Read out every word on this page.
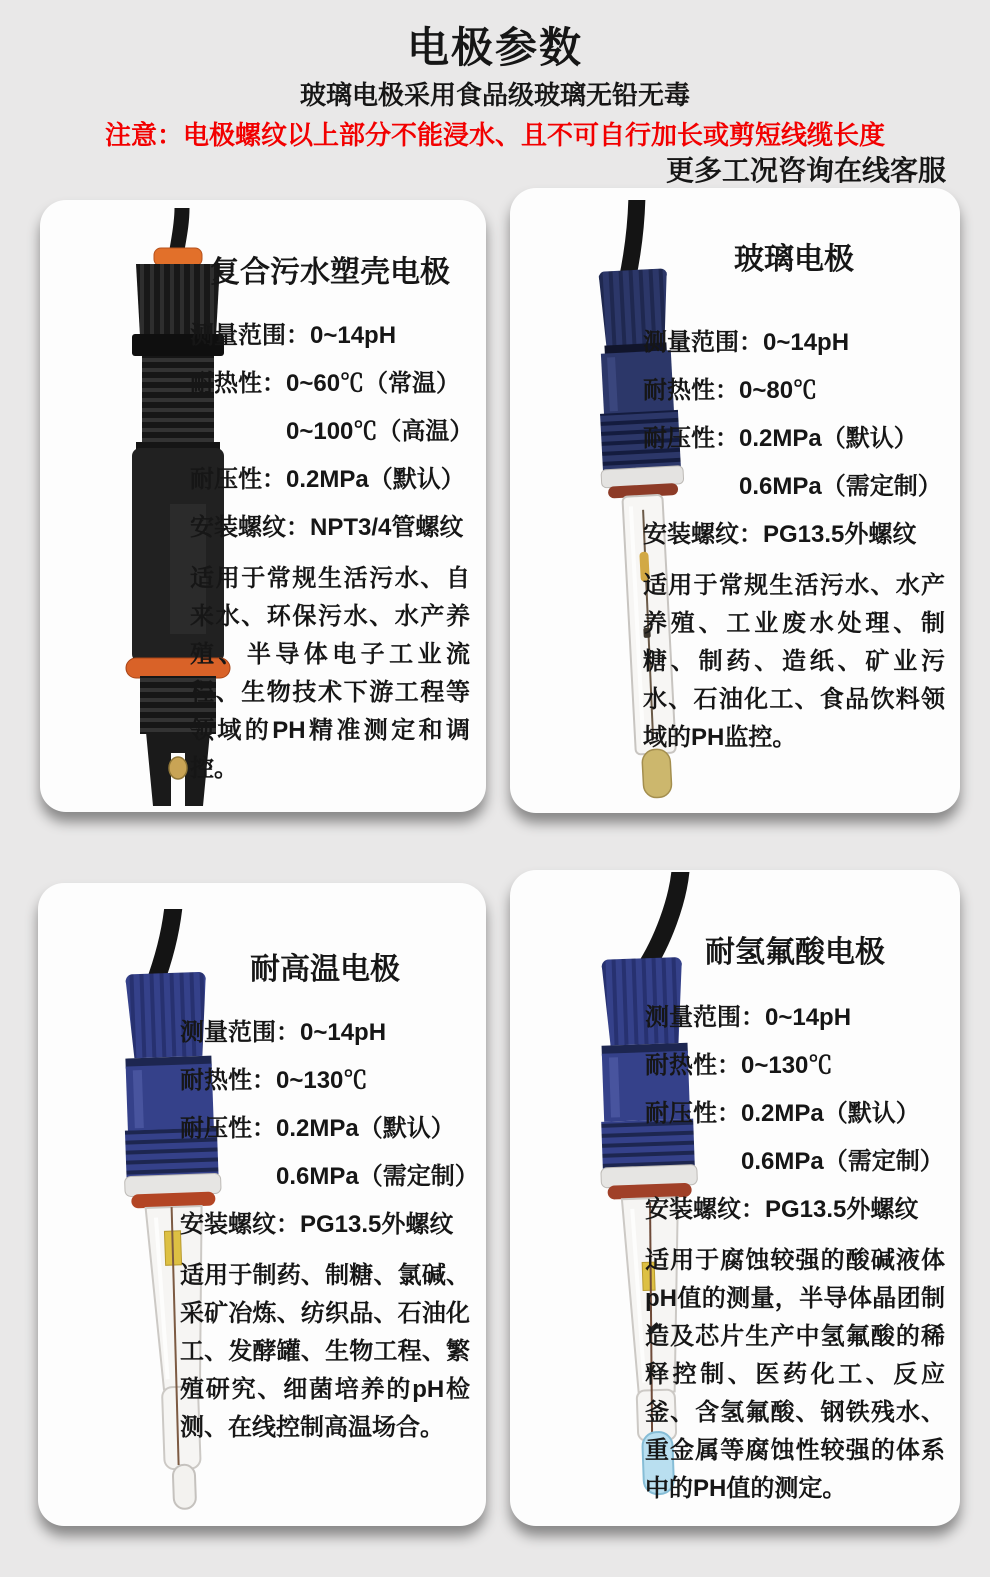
电极参数
玻璃电极采用食品级玻璃无铅无毒
注意：电极螺纹以上部分不能浸水、且不可自行加长或剪短线缆长度
更多工况咨询在线客服
复合污水塑壳电极
测量范围：0~14pH
耐热性：0~60℃（常温）
0~100℃（高温）
耐压性：0.2MPa（默认）
安装螺纹：NPT3/4管螺纹

适用于常规生活污水、自来水、环保污水、水产养殖、半导体电子工业流程、生物技术下游工程等领域的PH精准测定和调控。

玻璃电极
测量范围：0~14pH
耐热性：0~80℃
耐压性：0.2MPa（默认）
0.6MPa（需定制）
安装螺纹：PG13.5外螺纹

适用于常规生活污水、水产养殖、工业废水处理、制糖、制药、造纸、矿业污水、石油化工、食品饮料领域的PH监控。

耐高温电极
测量范围：0~14pH
耐热性：0~130℃
耐压性：0.2MPa（默认）
0.6MPa（需定制）
安装螺纹：PG13.5外螺纹

适用于制药、制糖、氯碱、采矿冶炼、纺织品、石油化工、发酵罐、生物工程、繁殖研究、细菌培养的pH检测、在线控制高温场合。

耐氢氟酸电极
测量范围：0~14pH
耐热性：0~130℃
耐压性：0.2MPa（默认）
0.6MPa（需定制）
安装螺纹：PG13.5外螺纹

适用于腐蚀较强的酸碱液体pH值的测量，半导体晶团制造及芯片生产中氢氟酸的稀释控制、医药化工、反应釜、含氢氟酸、钢铁残水、重金属等腐蚀性较强的体系中的PH值的测定。
